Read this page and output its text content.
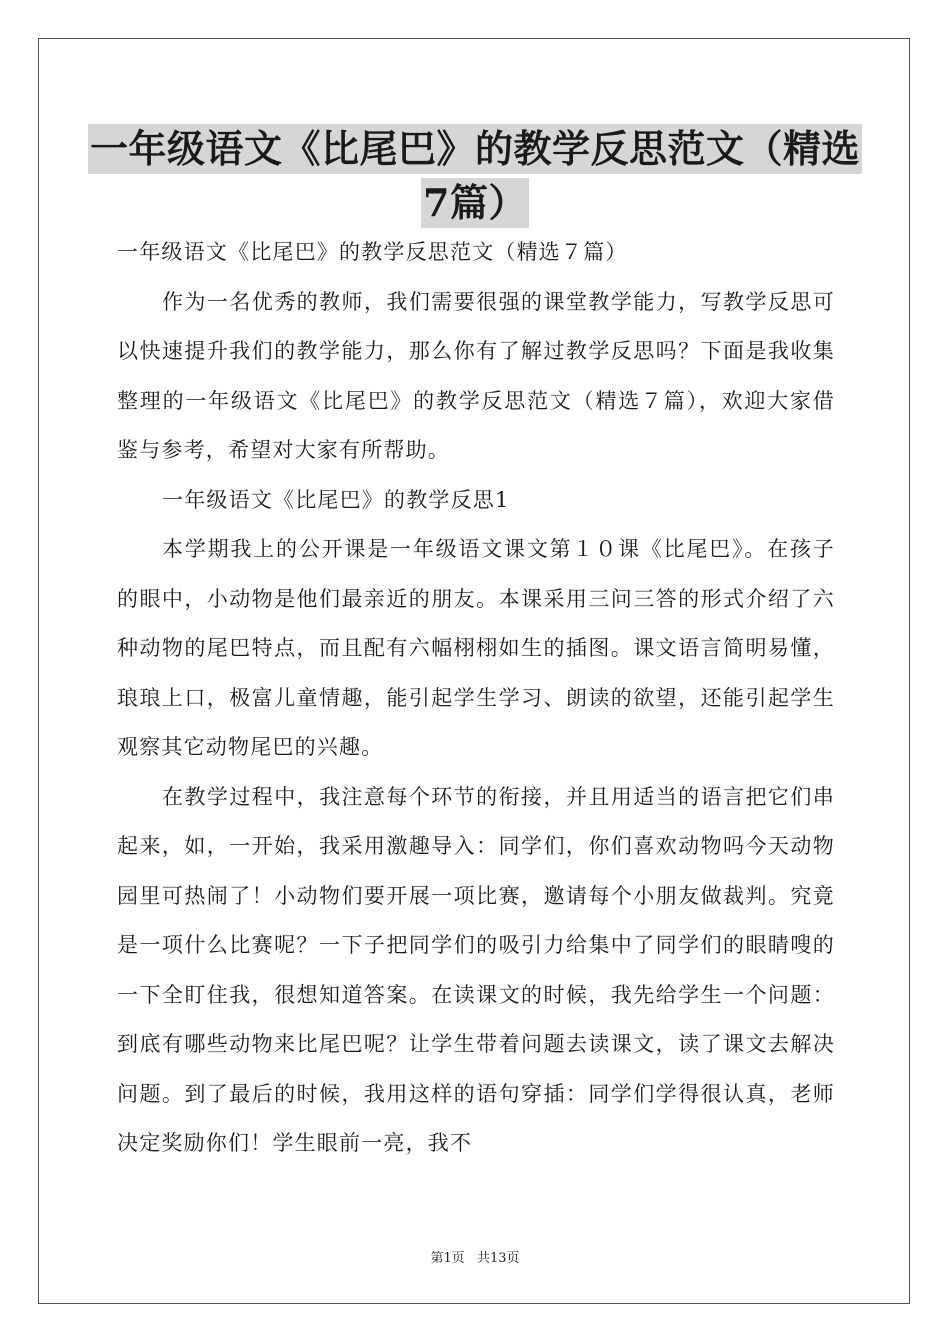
一年级语文《比尾巴》的教学反思范文（精选
7篇）

一年级语文《比尾巴》的教学反思范文（精选７篇）

作为一名优秀的教师，我们需要很强的课堂教学能力，写教学反思可以快速提升我们的教学能力，那么你有了解过教学反思吗？下面是我收集整理的一年级语文《比尾巴》的教学反思范文（精选７篇），欢迎大家借鉴与参考，希望对大家有所帮助。

一年级语文《比尾巴》的教学反思1

本学期我上的公开课是一年级语文课文第１０课《比尾巴》。在孩子的眼中，小动物是他们最亲近的朋友。本课采用三问三答的形式介绍了六种动物的尾巴特点，而且配有六幅栩栩如生的插图。课文语言简明易懂，琅琅上口，极富儿童情趣，能引起学生学习、朗读的欲望，还能引起学生观察其它动物尾巴的兴趣。

在教学过程中，我注意每个环节的衔接，并且用适当的语言把它们串起来，如，一开始，我采用激趣导入：同学们，你们喜欢动物吗今天动物园里可热闹了！小动物们要开展一项比赛，邀请每个小朋友做裁判。究竟是一项什么比赛呢？一下子把同学们的吸引力给集中了同学们的眼睛嗖的一下全盯住我，很想知道答案。在读课文的时候，我先给学生一个问题：到底有哪些动物来比尾巴呢？让学生带着问题去读课文，读了课文去解决问题。到了最后的时候，我用这样的语句穿插：同学们学得很认真，老师决定奖励你们！学生眼前一亮，我不

第1页 共13页
